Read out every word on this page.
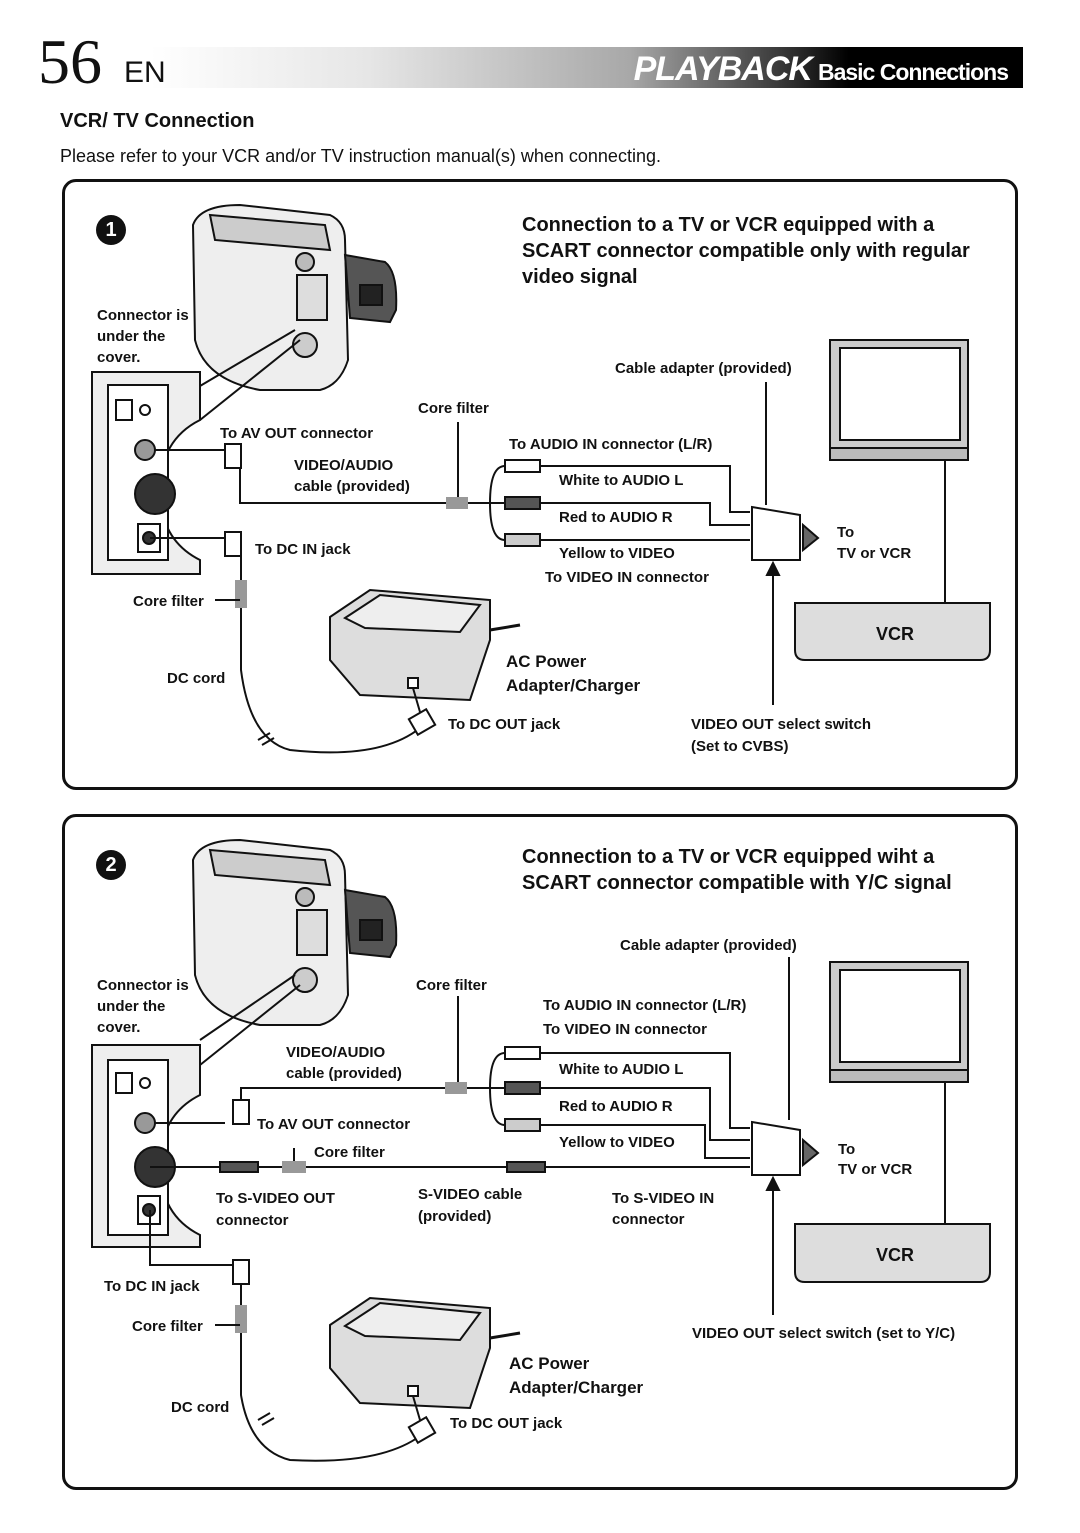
56 EN	PLAYBACK Basic Connections
VCR/ TV Connection
Please refer to your VCR and/or TV instruction manual(s) when connecting.
1	Connection to a TV or VCR equipped with a SCART connector compatible only with regular video signal
Connector is under the cover.
Cable adapter (provided)
Core filter
To AV OUT connector
To AUDIO IN connector (L/R)
VIDEO/AUDIO
cable (provided)	White to AUDIO L
Red to AUDIO R
To
To DC IN jack	Yellow to VIDEO	TV or VCR
To VIDEO IN connector
Core filter
VCR
AC Power
DC cord	Adapter/Charger
To DC OUT jack	VIDEO OUT select switch
(Set to CVBS)
2	Connection to a TV or VCR equipped wiht a SCART connector compatible with Y/C signal
Cable adapter (provided)
Connector is under the cover.
Core filter
To AUDIO IN connector (L/R)
To VIDEO IN connector
VIDEO/AUDIO
cable (provided)	White to AUDIO L
Red to AUDIO R
To AV OUT connector
Yellow to VIDEO	To
Core filter
TV or VCR
S-VIDEO cable
To S-VIDEO OUT	To S-VIDEO IN
(provided)
connector	connector
VCR
To DC IN jack
Core filter	VIDEO OUT select switch (set to Y/C)
AC Power
Adapter/Charger
DC cord
To DC OUT jack
